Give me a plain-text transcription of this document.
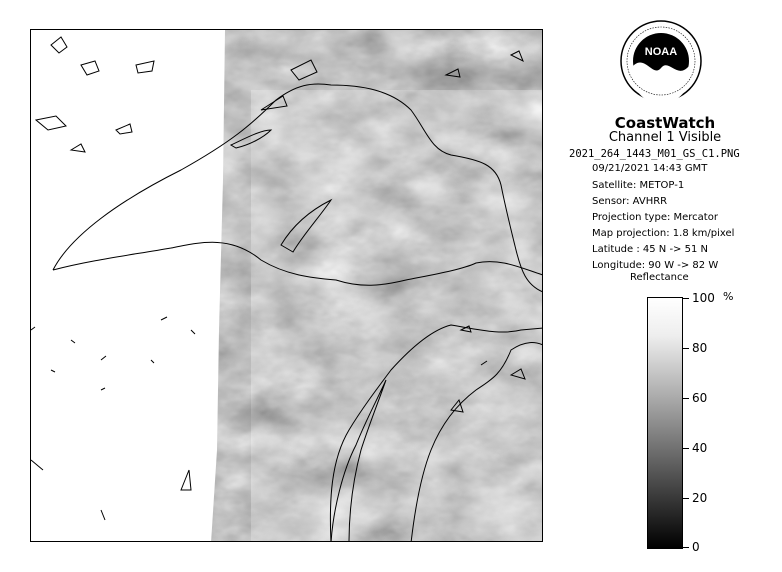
NOAA
CoastWatch
Channel 1 Visible
2021_264_1443_M01_GS_C1.PNG
09/21/2021 14:43 GMT
Satellite: METOP-1
Sensor: AVHRR
Projection type: Mercator
Map projection: 1.8 km/pixel
Latitude : 45 N -> 51 N
Longitude: 90 W -> 82 W
Reflectance
%
100
80
60
40
20
0
